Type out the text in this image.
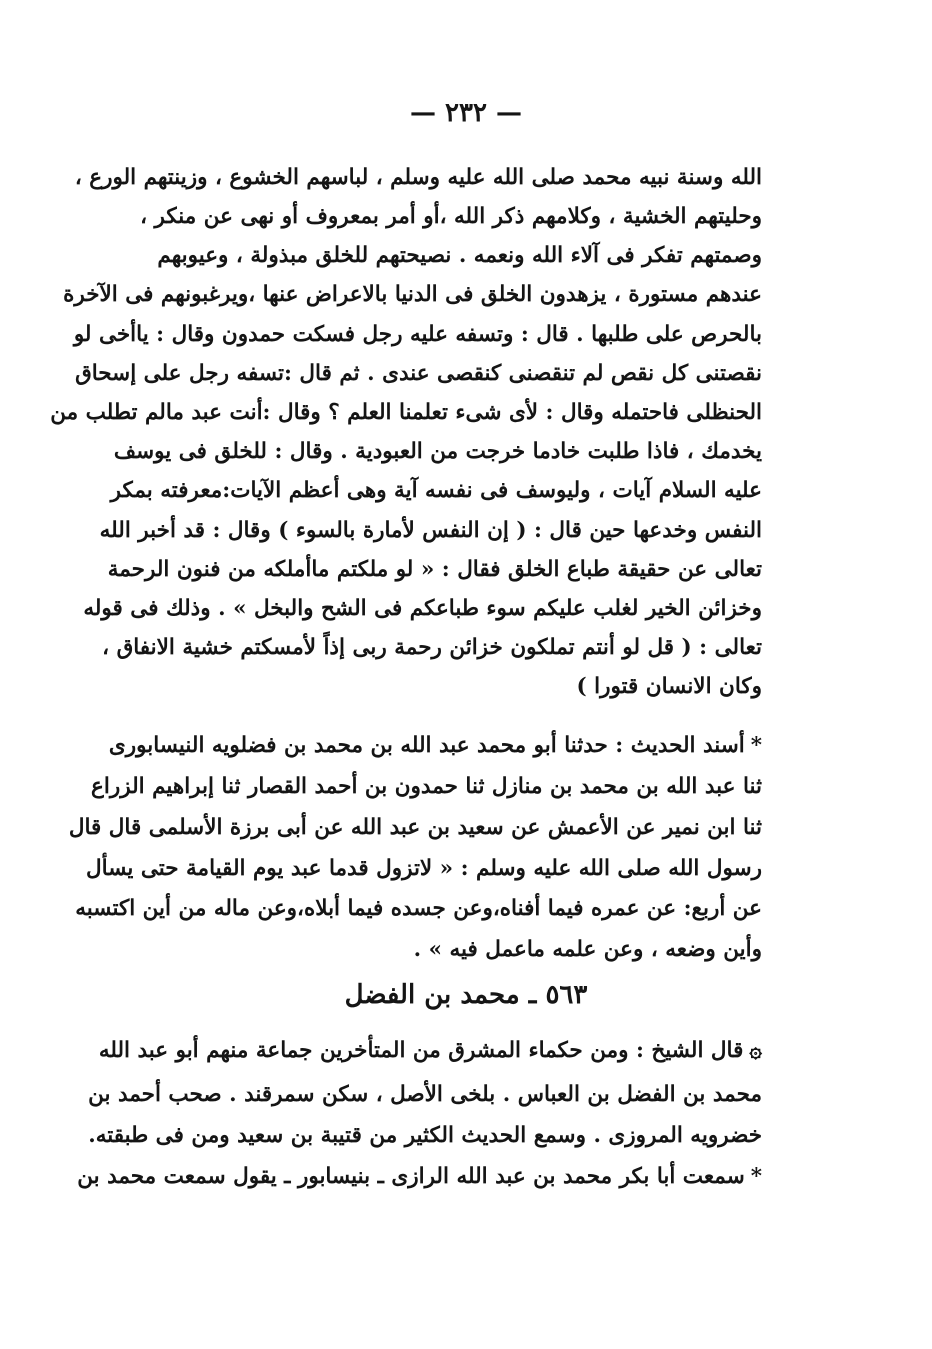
— ٢٣٢ —
الله وسنة نبيه محمد صلى الله عليه وسلم ، لباسهم الخشوع ، وزينتهم الورع ،
وحليتهم الخشية ، وكلامهم ذكر الله ،أو أمر بمعروف أو نهى عن منكر ،
وصمتهم تفكر فى آلاء الله ونعمه . نصيحتهم للخلق مبذولة ، وعيوبهم
عندهم مستورة ، يزهدون الخلق فى الدنيا بالاعراض عنها ،ويرغبونهم فى الآخرة
بالحرص على طلبها . قال : وتسفه عليه رجل فسكت حمدون وقال : ياأخى لو
نقصتنى كل نقص لم تنقصنى كنقصى عندى . ثم قال :تسفه رجل على إسحاق
الحنظلى فاحتمله وقال : لأى شىء تعلمنا العلم ؟ وقال :أنت عبد مالم تطلب من
يخدمك ، فاذا طلبت خادما خرجت من العبودية . وقال : للخلق فى يوسف
عليه السلام آيات ، وليوسف فى نفسه آية وهى أعظم الآيات:معرفته بمكر
النفس وخدعها حين قال : ( إن النفس لأمارة بالسوء ) وقال : قد أخبر الله
تعالى عن حقيقة طباع الخلق فقال : « لو ملكتم ماأملكه من فنون الرحمة
وخزائن الخير لغلب عليكم سوء طباعكم فى الشح والبخل » . وذلك فى قوله
تعالى : ( قل لو أنتم تملكون خزائن رحمة ربى إذاً لأمسكتم خشية الانفاق ،
وكان الانسان قتورا )
*أسند الحديث : حدثنا أبو محمد عبد الله بن محمد بن فضلويه النيسابورى
ثنا عبد الله بن محمد بن منازل ثنا حمدون بن أحمد القصار ثنا إبراهيم الزراع
ثنا ابن نمير عن الأعمش عن سعيد بن عبد الله عن أبى برزة الأسلمى قال قال
رسول الله صلى الله عليه وسلم : « لاتزول قدما عبد يوم القيامة حتى يسأل
عن أربع: عن عمره فيما أفناه،وعن جسده فيما أبلاه،وعن ماله من أين اكتسبه
وأين وضعه ، وعن علمه ماعمل فيه » .
٥٦٣ ـ محمد بن الفضل
۞قال الشيخ : ومن حكماء المشرق من المتأخرين جماعة منهم أبو عبد الله
محمد بن الفضل بن العباس . بلخى الأصل ، سكن سمرقند . صحب أحمد بن
خضرويه المروزى . وسمع الحديث الكثير من قتيبة بن سعيد ومن فى طبقته.
*سمعت أبا بكر محمد بن عبد الله الرازى ـ بنيسابور ـ يقول سمعت محمد بن
